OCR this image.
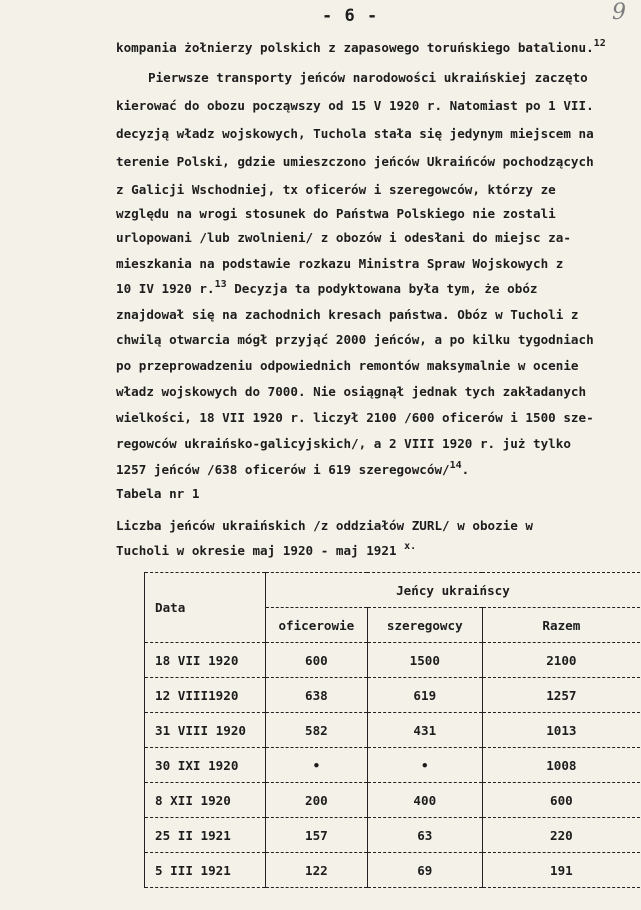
- 6 -	9
kompania żołnierzy polskich z zapasowego toruńskiego batalionu.$^{12}$
Pierwsze transporty jeńców narodowości ukraińskiej zaczęto
kierować do obozu począwszy od 15 V 1920 r. Natomiast po 1 VII.
decyzją władz wojskowych, Tuchola stała się jedynym miejscem na
terenie Polski, gdzie umieszczono jeńców Ukraińców pochodzących
z Galicji Wschodniej, tx oficerów i szeregowców, którzy ze
względu na wrogi stosunek do Państwa Polskiego nie zostali
urlopowani /lub zwolnieni/ z obozów i odesłani do miejsc za-
mieszkania na podstawie rozkazu Ministra Spraw Wojskowych z
10 IV 1920 r.$^{13}$ Decyzja ta podyktowana była tym, że obóz
znajdował się na zachodnich kresach państwa. Obóz w Tucholi z
chwilą otwarcia mógł przyjąć 2000 jeńców, a po kilku tygodniach
po przeprowadzeniu odpowiednich remontów maksymalnie w ocenie
władz wojskowych do 7000. Nie osiągnął jednak tych zakładanych
wielkości, 18 VII 1920 r. liczył 2100 /600 oficerów i 1500 sze-
regowców ukraińsko-galicyjskich/, a 2 VIII 1920 r. już tylko
1257 jeńców /638 oficerów i 619 szeregowców/$^{14}$.
Tabela nr 1
Liczba jeńców ukraińskich /z oddziałów ZURL/ w obozie w
Tucholi w okresie maj 1920 - maj 1921 $^{x.}$
Data	Jeńcy ukraińscy		
	oficerowie	szeregowcy	Razem
18 VII 1920	600	1500	2100
12 VIII1920	638	619	1257
31 VIII 1920	582	431	1013
30 IXI 1920	•	•	1008
8 XII 1920	200	400	600
25 II 1921	157	63	220
5 III 1921	122	69	191
